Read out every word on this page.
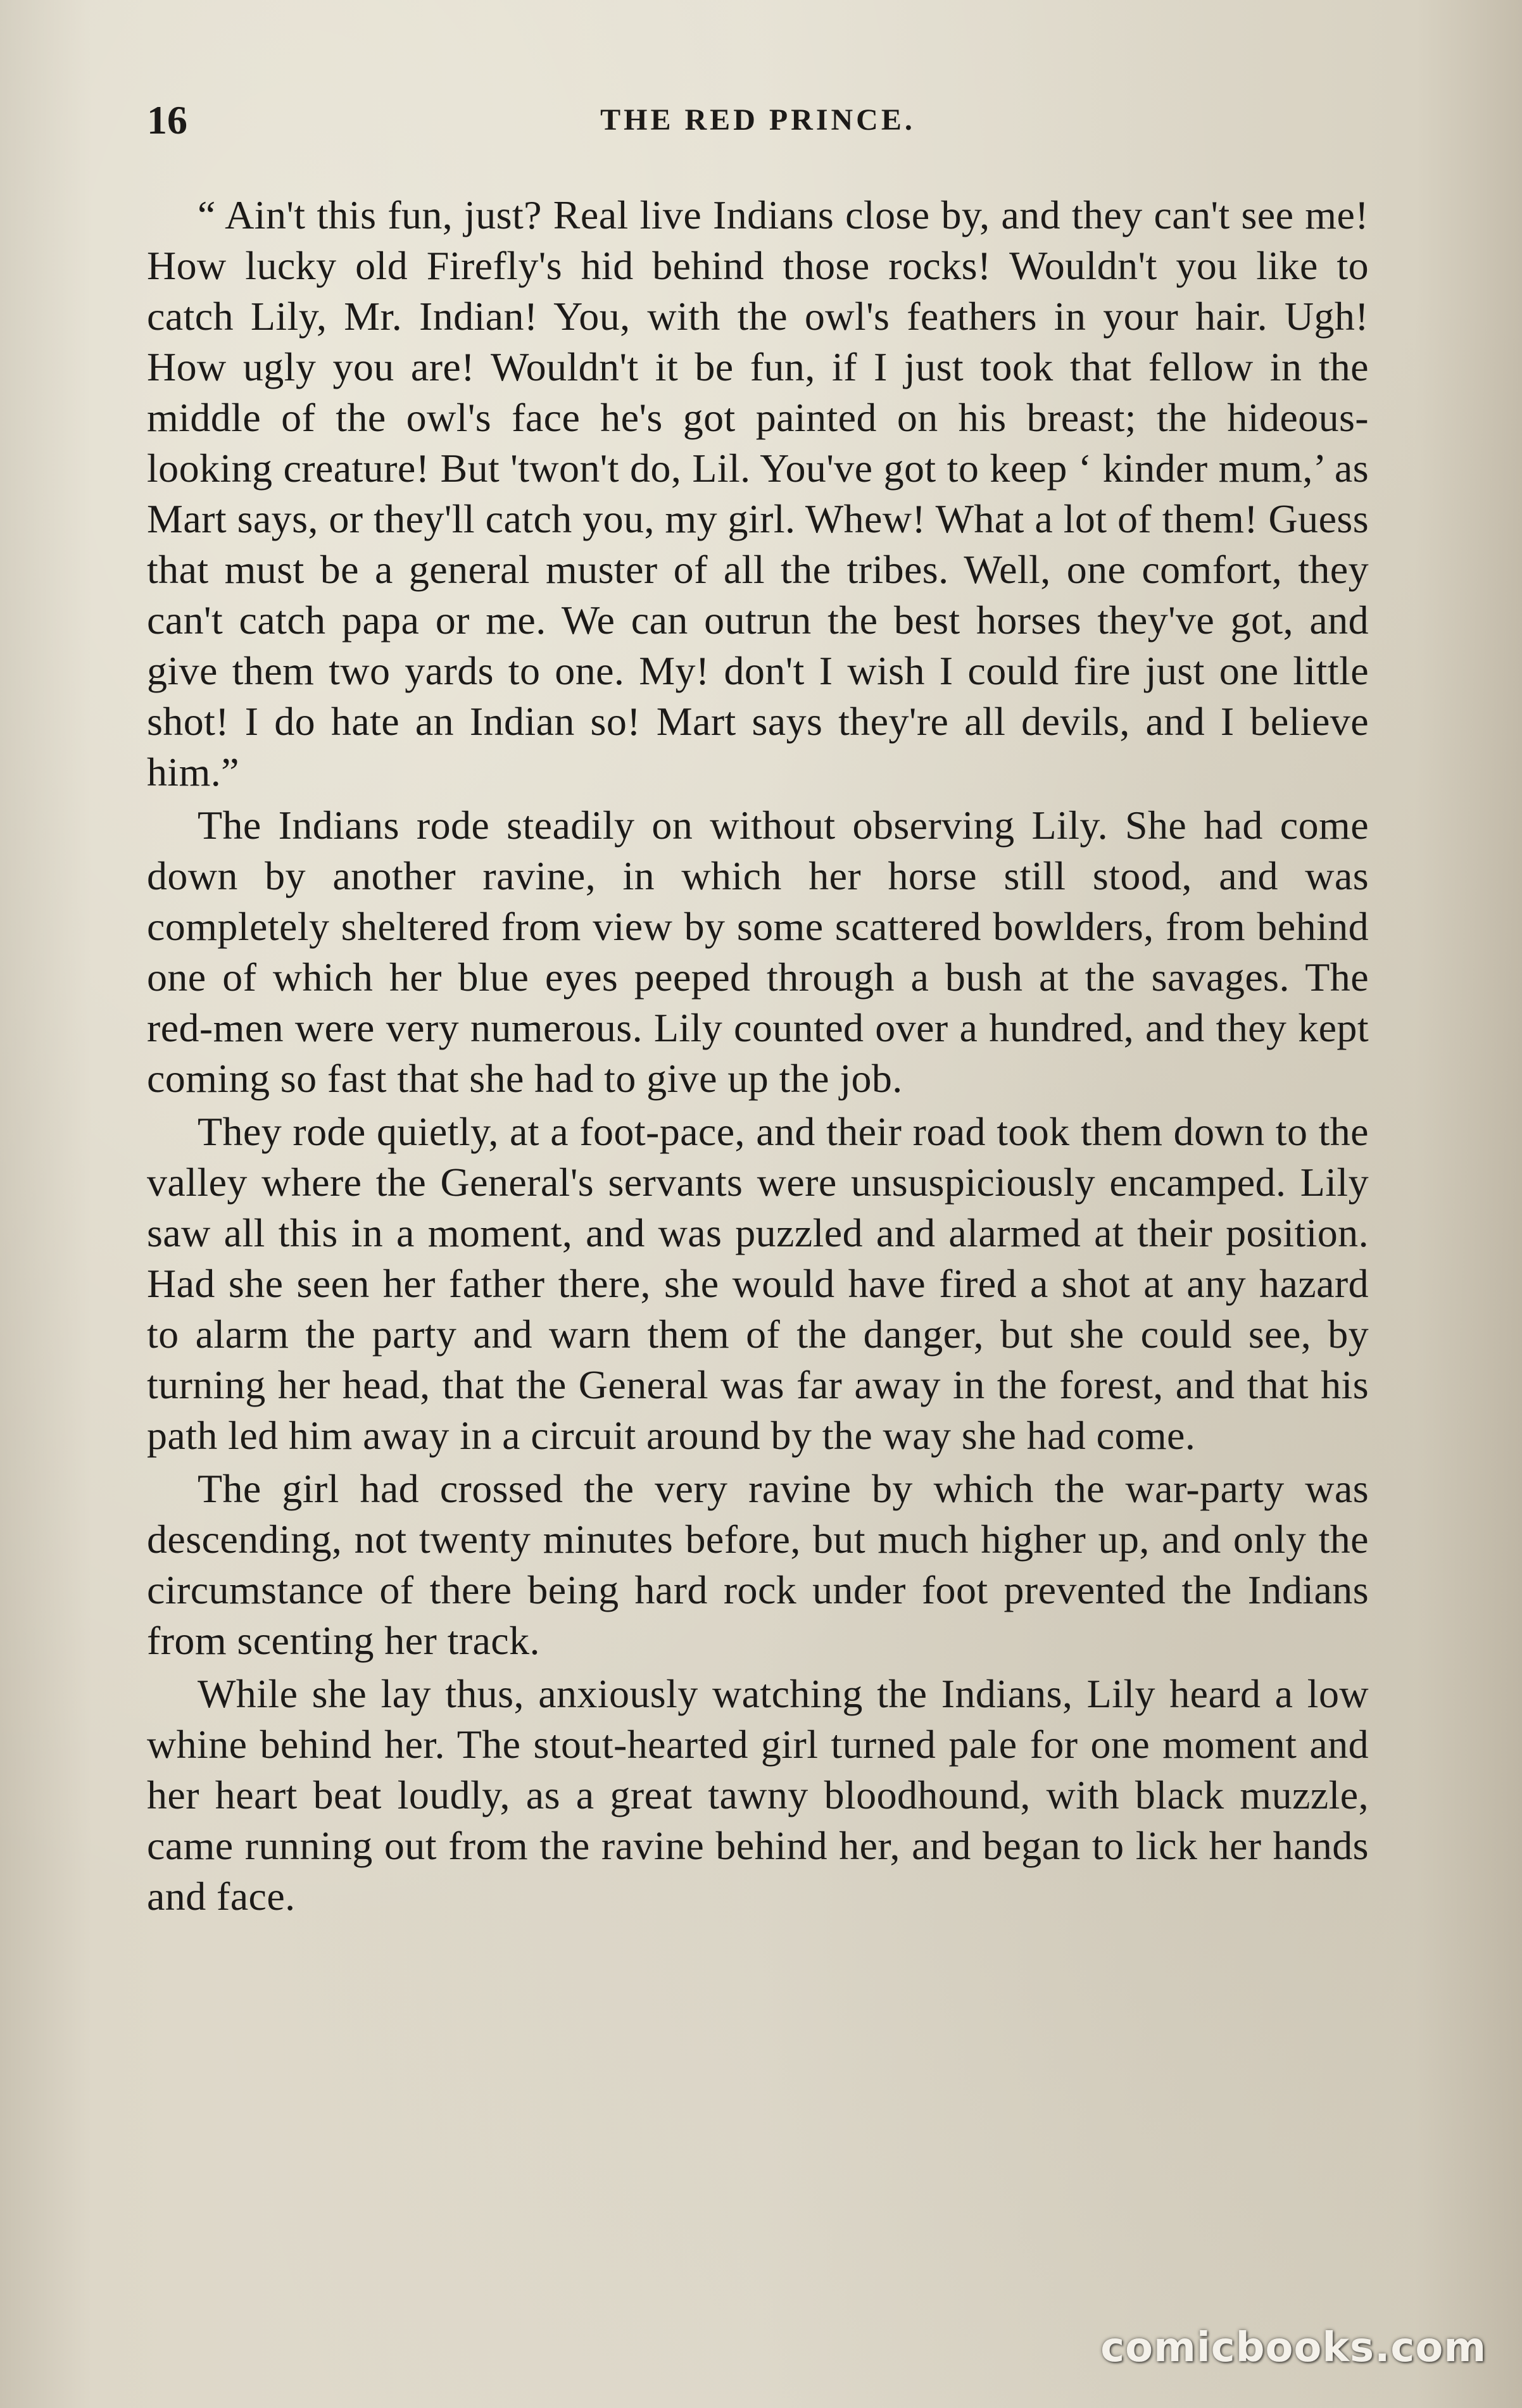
16	THE RED PRINCE.

“ Ain't this fun, just? Real live Indians close by, and they can't see me! How lucky old Firefly's hid behind those rocks! Wouldn't you like to catch Lily, Mr. Indian! You, with the owl's feathers in your hair. Ugh! How ugly you are! Wouldn't it be fun, if I just took that fellow in the middle of the owl's face he's got painted on his breast; the hideous-looking creature! But 'twon't do, Lil. You've got to keep ‘ kinder mum,’ as Mart says, or they'll catch you, my girl. Whew! What a lot of them! Guess that must be a general muster of all the tribes. Well, one comfort, they can't catch papa or me. We can outrun the best horses they've got, and give them two yards to one. My! don't I wish I could fire just one little shot! I do hate an Indian so! Mart says they're all devils, and I believe him.”

The Indians rode steadily on without observing Lily. She had come down by another ravine, in which her horse still stood, and was completely sheltered from view by some scattered bowlders, from behind one of which her blue eyes peeped through a bush at the savages. The red-men were very numerous. Lily counted over a hundred, and they kept coming so fast that she had to give up the job.

They rode quietly, at a foot-pace, and their road took them down to the valley where the General's servants were unsuspiciously encamped. Lily saw all this in a moment, and was puzzled and alarmed at their position. Had she seen her father there, she would have fired a shot at any hazard to alarm the party and warn them of the danger, but she could see, by turning her head, that the General was far away in the forest, and that his path led him away in a circuit around by the way she had come.

The girl had crossed the very ravine by which the war-party was descending, not twenty minutes before, but much higher up, and only the circumstance of there being hard rock under foot prevented the Indians from scenting her track.

While she lay thus, anxiously watching the Indians, Lily heard a low whine behind her. The stout-hearted girl turned pale for one moment and her heart beat loudly, as a great tawny bloodhound, with black muzzle, came running out from the ravine behind her, and began to lick her hands and face.

comicbooks.com
